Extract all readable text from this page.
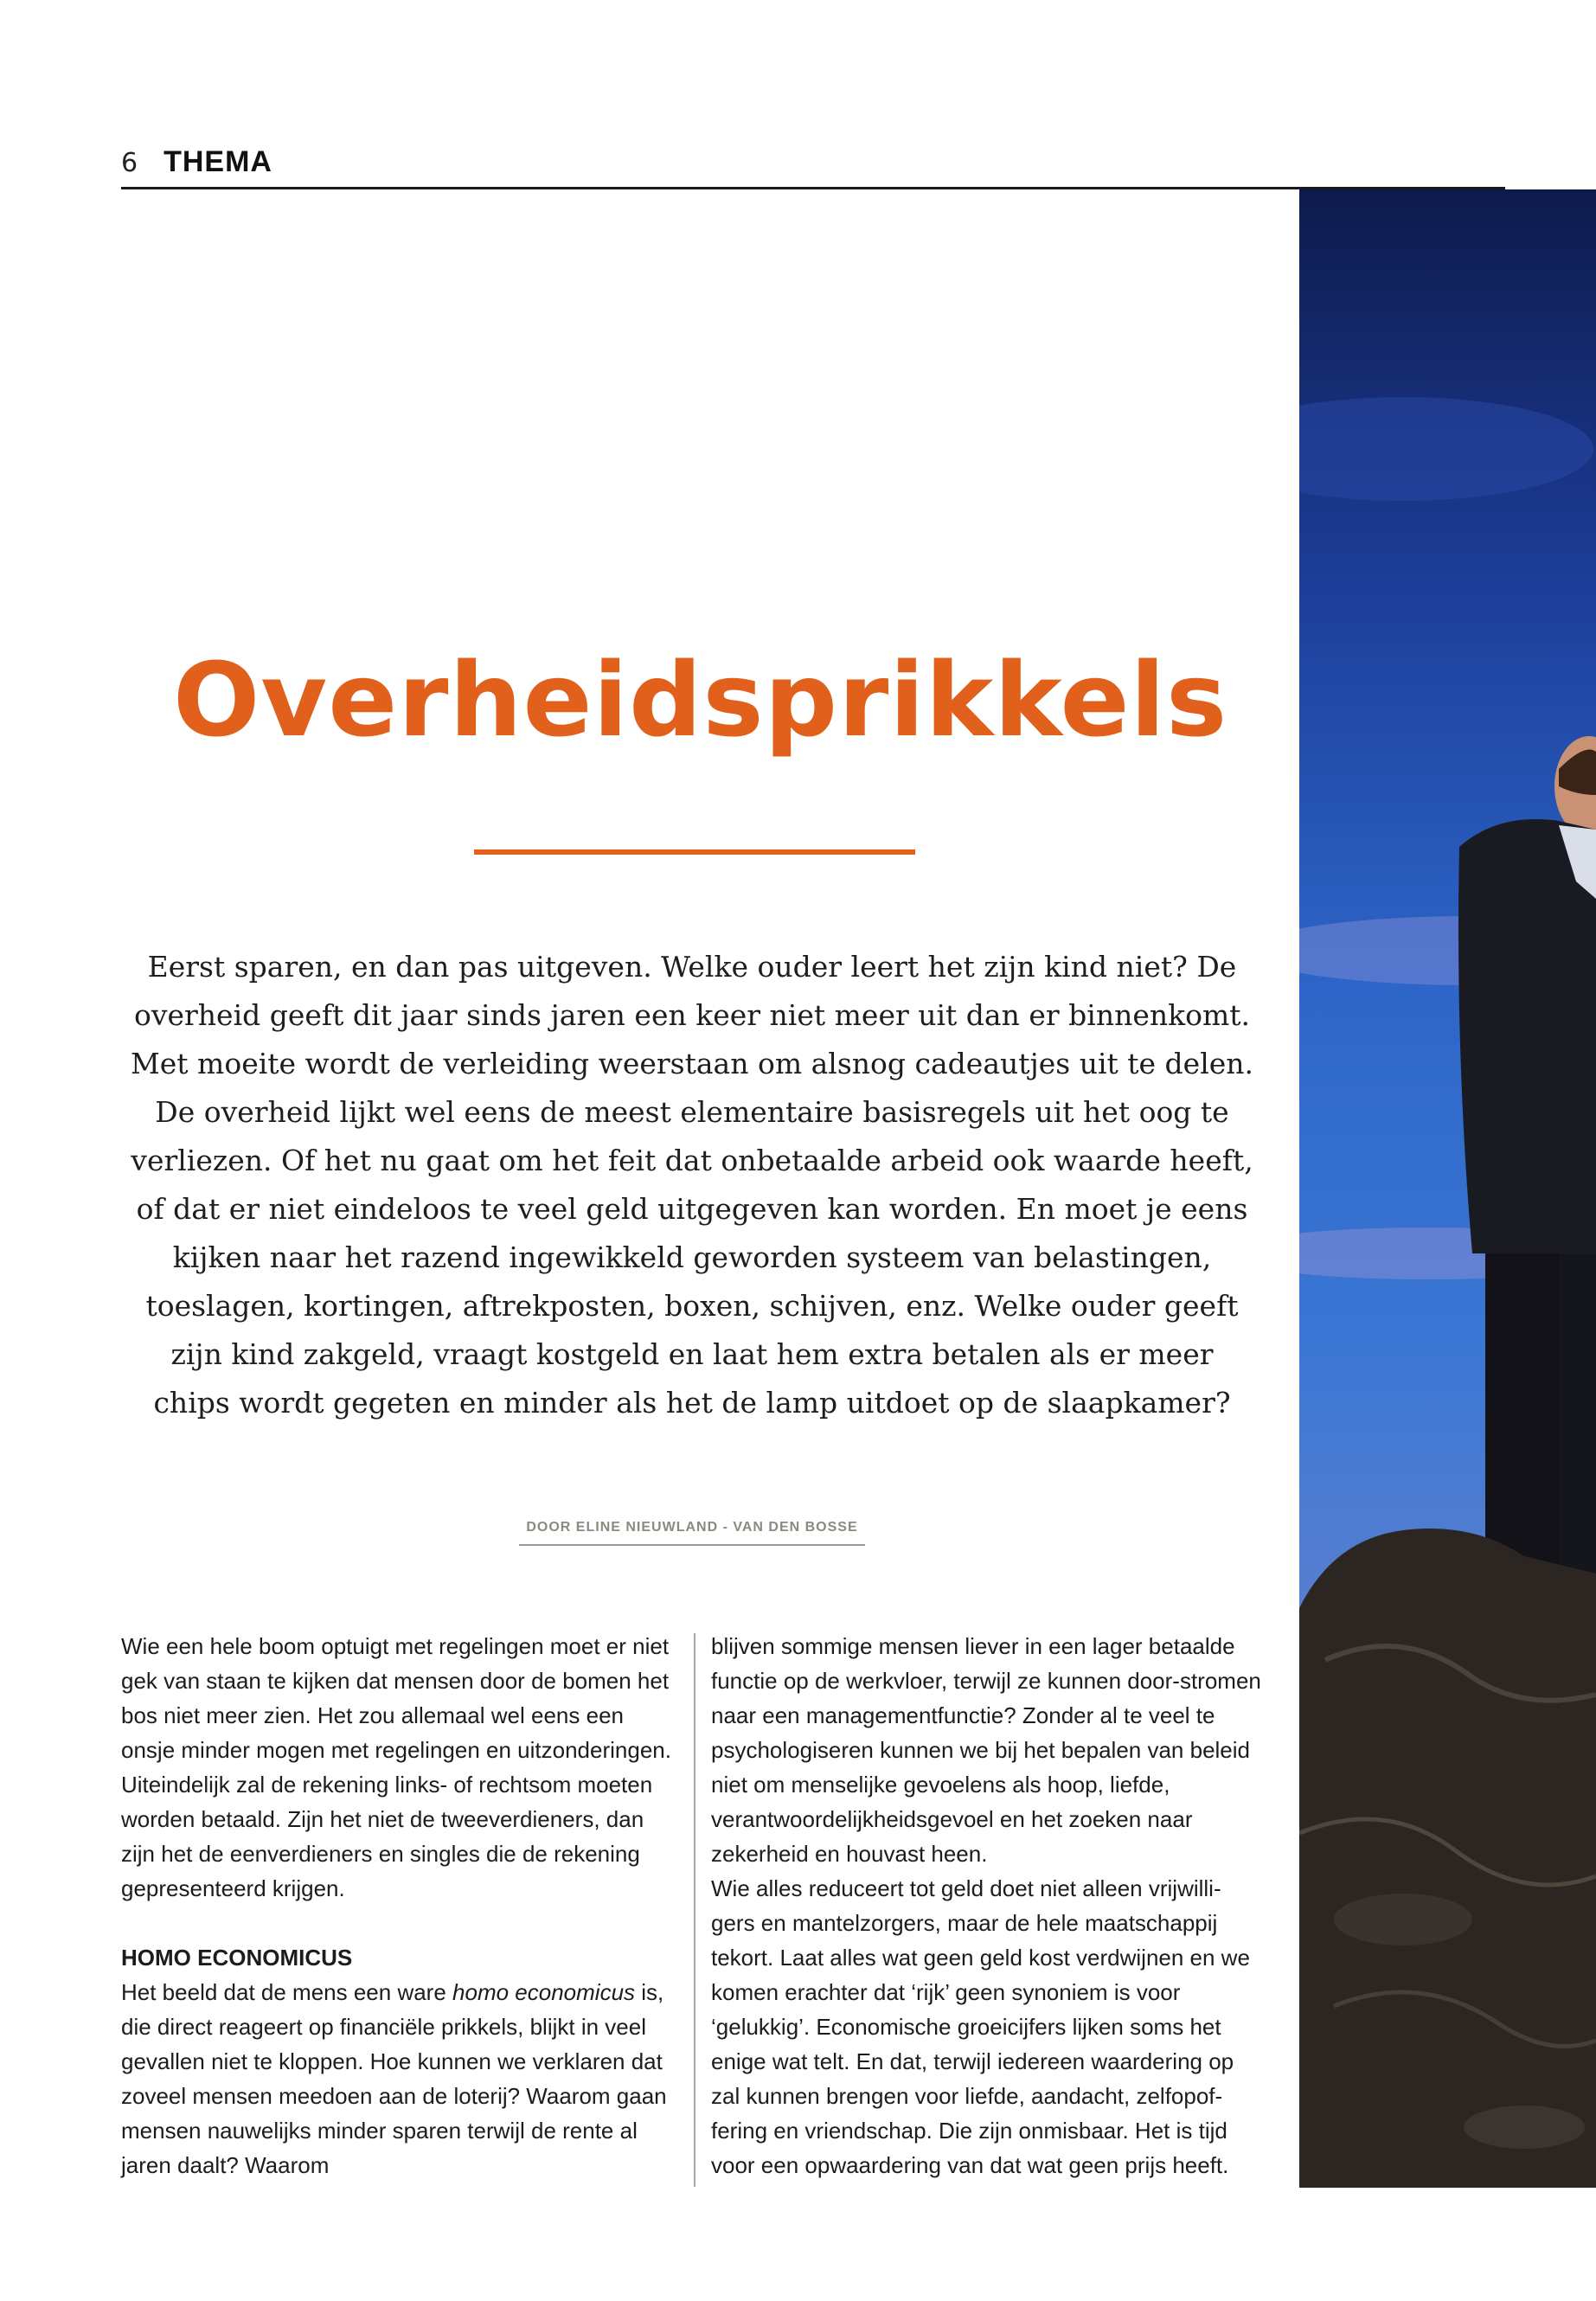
6 THEMA
Overheidsprikkels

Eerst sparen, en dan pas uitgeven. Welke ouder leert het zijn kind niet? De overheid geeft dit jaar sinds jaren een keer niet meer uit dan er binnenkomt. Met moeite wordt de verleiding weerstaan om alsnog cadeautjes uit te delen. De overheid lijkt wel eens de meest elementaire basisregels uit het oog te verliezen. Of het nu gaat om het feit dat onbetaalde arbeid ook waarde heeft, of dat er niet eindeloos te veel geld uitgegeven kan worden. En moet je eens kijken naar het razend ingewikkeld geworden systeem van belastingen, toeslagen, kortingen, aftrekposten, boxen, schijven, enz. Welke ouder geeft zijn kind zakgeld, vraagt kostgeld en laat hem extra betalen als er meer chips wordt gegeten en minder als het de lamp uitdoet op de slaapkamer?

DOOR ELINE NIEUWLAND - VAN DEN BOSSE

Wie een hele boom optuigt met regelingen moet er niet gek van staan te kijken dat mensen door de bomen het bos niet meer zien. Het zou allemaal wel eens een onsje minder mogen met regelingen en uitzonderingen. Uiteindelijk zal de rekening links- of rechtsom moeten worden betaald. Zijn het niet de tweeverdieners, dan zijn het de eenverdieners en singles die de rekening gepresenteerd krijgen.

HOMO ECONOMICUS

Het beeld dat de mens een ware homo economicus is, die direct reageert op financiële prikkels, blijkt in veel gevallen niet te kloppen. Hoe kunnen we verklaren dat zoveel mensen meedoen aan de loterij? Waarom gaan mensen nauwelijks minder sparen terwijl de rente al jaren daalt? Waarom

blijven sommige mensen liever in een lager betaalde functie op de werkvloer, terwijl ze kunnen door-stromen naar een managementfunctie? Zonder al te veel te psychologiseren kunnen we bij het bepalen van beleid niet om menselijke gevoelens als hoop, liefde, verantwoordelijkheidsgevoel en het zoeken naar zekerheid en houvast heen.

Wie alles reduceert tot geld doet niet alleen vrijwilli-gers en mantelzorgers, maar de hele maatschappij tekort. Laat alles wat geen geld kost verdwijnen en we komen erachter dat ‘rijk’ geen synoniem is voor ‘gelukkig’. Economische groeicijfers lijken soms het enige wat telt. En dat, terwijl iedereen waardering op zal kunnen brengen voor liefde, aandacht, zelfopof-fering en vriendschap. Die zijn onmisbaar. Het is tijd voor een opwaardering van dat wat geen prijs heeft.
